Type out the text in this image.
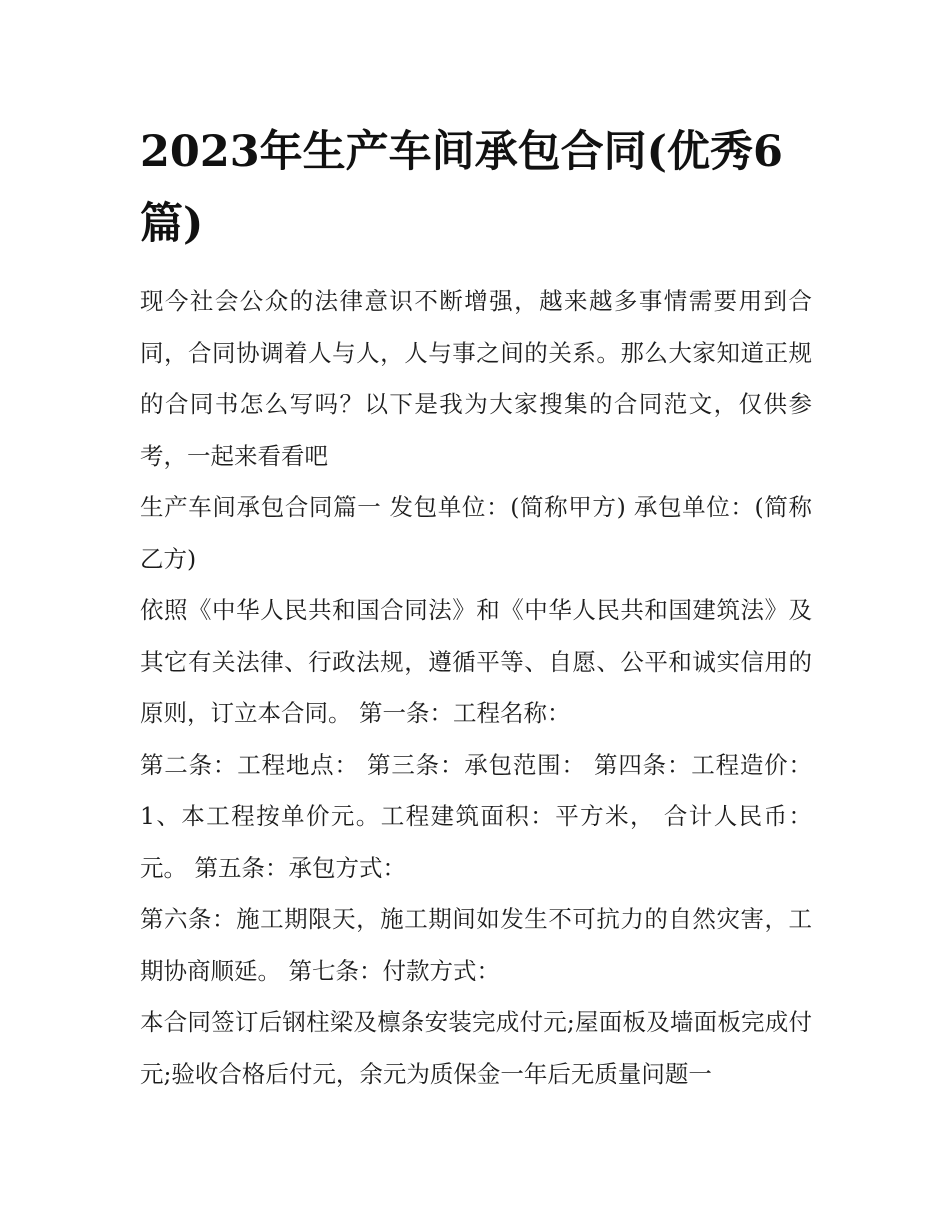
2023年生产车间承包合同(优秀6篇)

现今社会公众的法律意识不断增强，越来越多事情需要用到合同，合同协调着人与人，人与事之间的关系。那么大家知道正规的合同书怎么写吗？以下是我为大家搜集的合同范文，仅供参考，一起来看看吧

生产车间承包合同篇一 发包单位：(简称甲方) 承包单位：(简称乙方)

依照《中华人民共和国合同法》和《中华人民共和国建筑法》及其它有关法律、行政法规，遵循平等、自愿、公平和诚实信用的原则，订立本合同。 第一条：工程名称：

第二条：工程地点： 第三条：承包范围： 第四条：工程造价： 1、本工程按单价元。工程建筑面积：平方米， 合计人民币：元。 第五条：承包方式：

第六条：施工期限天，施工期间如发生不可抗力的自然灾害，工期协商顺延。 第七条：付款方式：

本合同签订后钢柱梁及檩条安装完成付元;屋面板及墙面板完成付元;验收合格后付元，余元为质保金一年后无质量问题一
